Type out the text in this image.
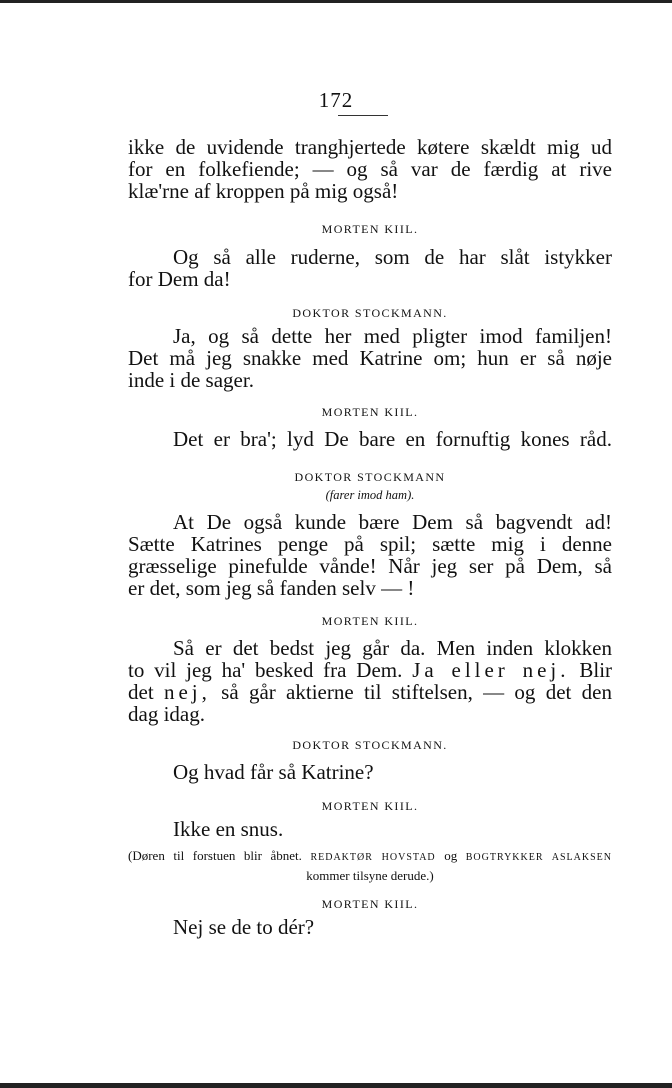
172
ikke de uvidende tranghjertede køtere skældt mig ud
for en folkefiende; — og så var de færdig at rive
klæ'rne af kroppen på mig også!
MORTEN KIIL.
Og så alle ruderne, som de har slåt istykker
for Dem da!
DOKTOR STOCKMANN.
Ja, og så dette her med pligter imod familjen!
Det må jeg snakke med Katrine om; hun er så nøje
inde i de sager.
MORTEN KIIL.
Det er bra'; lyd De bare en fornuftig kones råd.
DOKTOR STOCKMANN
(farer imod ham).
At De også kunde bære Dem så bagvendt ad!
Sætte Katrines penge på spil; sætte mig i denne
græsselige pinefulde vånde! Når jeg ser på Dem, så
er det, som jeg så fanden selv — !
MORTEN KIIL.
Så er det bedst jeg går da. Men inden klokken
to vil jeg ha' besked fra Dem. Ja eller nej. Blir
det nej, så går aktierne til stiftelsen, — og det den
dag idag.
DOKTOR STOCKMANN.
Og hvad får så Katrine?
MORTEN KIIL.
Ikke en snus.
(Døren til forstuen blir åbnet. REDAKTØR HOVSTAD og BOGTRYKKER ASLAKSEN
kommer tilsyne derude.)
MORTEN KIIL.
Nej se de to dér?
